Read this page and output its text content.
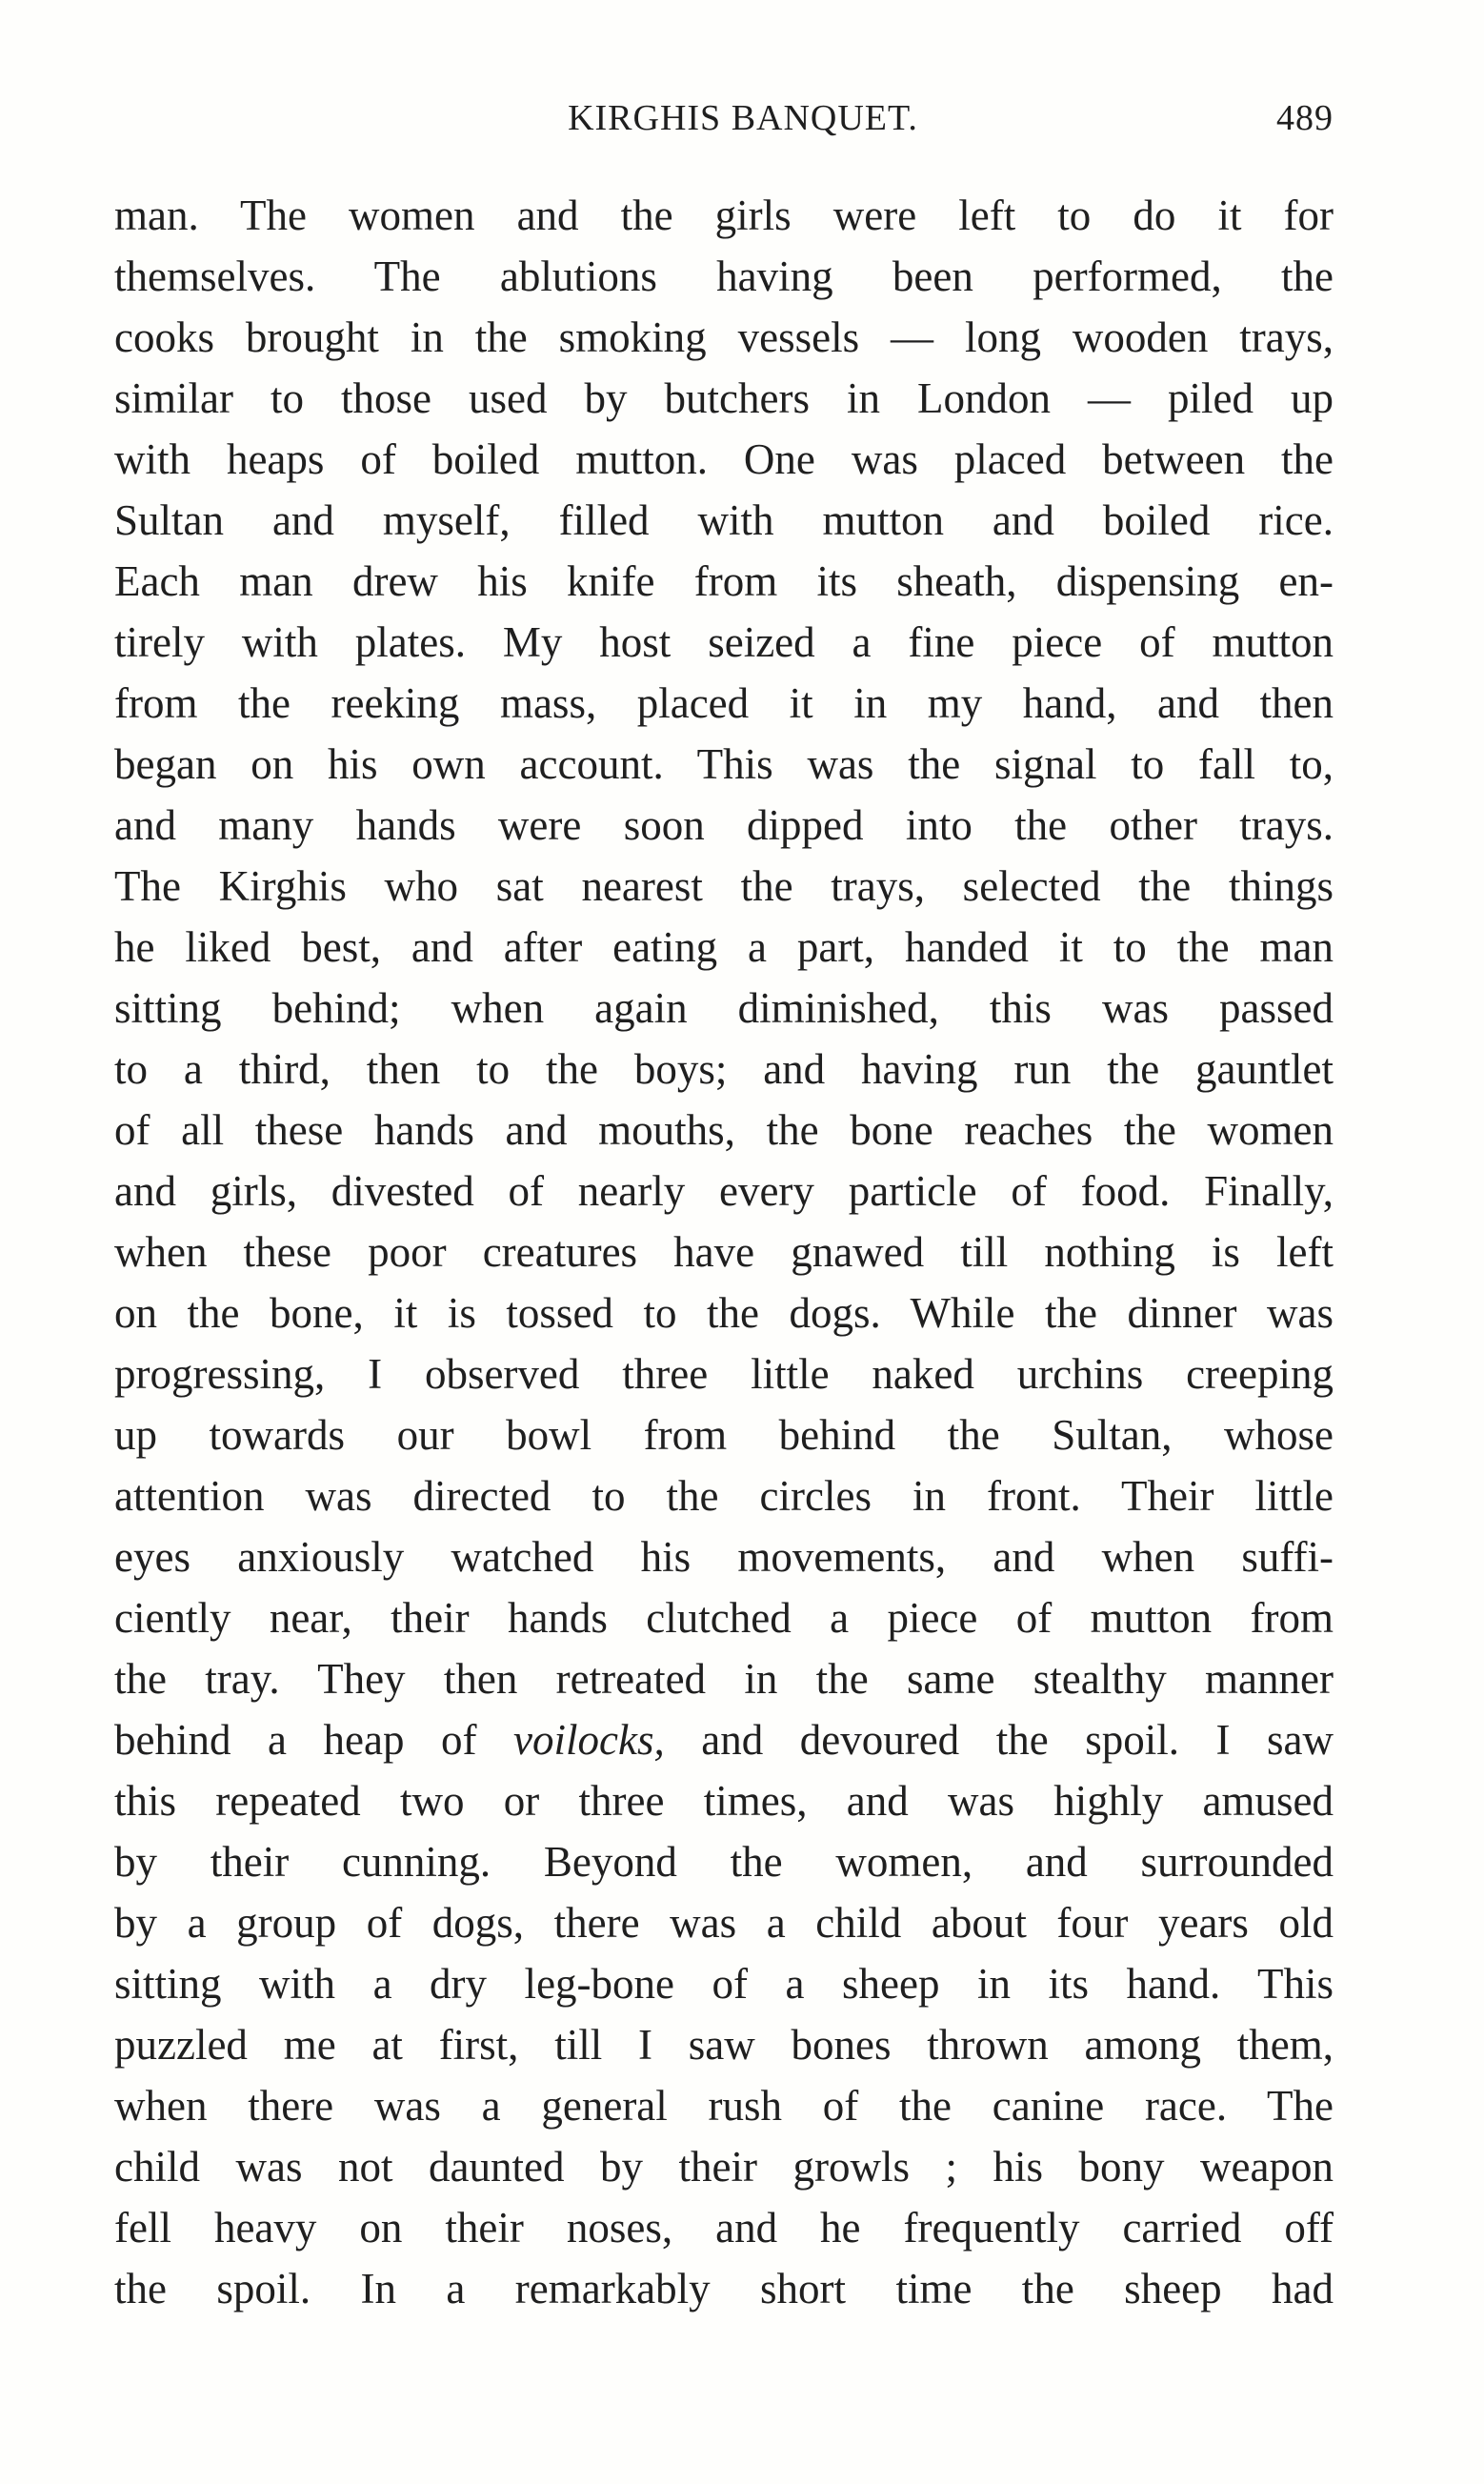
KIRGHIS BANQUET.	489
man. The women and the girls were left to do it for
themselves. The ablutions having been performed, the
cooks brought in the smoking vessels — long wooden trays,
similar to those used by butchers in London — piled up
with heaps of boiled mutton. One was placed between the
Sultan and myself, filled with mutton and boiled rice.
Each man drew his knife from its sheath, dispensing en-
tirely with plates. My host seized a fine piece of mutton
from the reeking mass, placed it in my hand, and then
began on his own account. This was the signal to fall to,
and many hands were soon dipped into the other trays.
The Kirghis who sat nearest the trays, selected the things
he liked best, and after eating a part, handed it to the man
sitting behind; when again diminished, this was passed
to a third, then to the boys; and having run the gauntlet
of all these hands and mouths, the bone reaches the women
and girls, divested of nearly every particle of food. Finally,
when these poor creatures have gnawed till nothing is left
on the bone, it is tossed to the dogs. While the dinner was
progressing, I observed three little naked urchins creeping
up towards our bowl from behind the Sultan, whose
attention was directed to the circles in front. Their little
eyes anxiously watched his movements, and when suffi-
ciently near, their hands clutched a piece of mutton from
the tray. They then retreated in the same stealthy manner
behind a heap of voilocks, and devoured the spoil. I saw
this repeated two or three times, and was highly amused
by their cunning. Beyond the women, and surrounded
by a group of dogs, there was a child about four years old
sitting with a dry leg-bone of a sheep in its hand. This
puzzled me at first, till I saw bones thrown among them,
when there was a general rush of the canine race. The
child was not daunted by their growls ; his bony weapon
fell heavy on their noses, and he frequently carried off
the spoil. In a remarkably short time the sheep had
